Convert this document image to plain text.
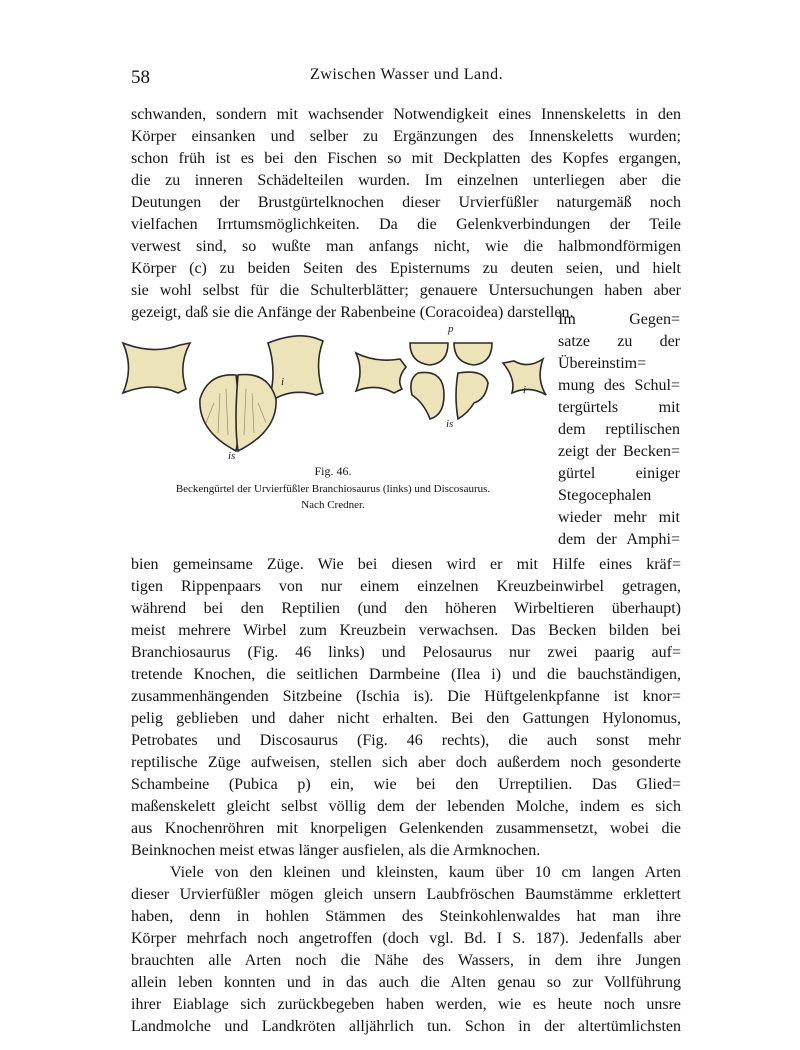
58	Zwischen Wasser und Land.
schwanden, sondern mit wachsender Notwendigkeit eines Innenskeletts in den
Körper einsanken und selber zu Ergänzungen des Innenskeletts wurden;
schon früh ist es bei den Fischen so mit Deckplatten des Kopfes ergangen,
die zu inneren Schädelteilen wurden. Im einzelnen unterliegen aber die
Deutungen der Brustgürtelknochen dieser Urvierfüßler naturgemäß noch
vielfachen Irrtumsmöglichkeiten. Da die Gelenkverbindungen der Teile
verwest sind, so wußte man anfangs nicht, wie die halbmondförmigen
Körper (c) zu beiden Seiten des Episternums zu deuten seien, und hielt
sie wohl selbst für die Schulterblätter; genauere Untersuchungen haben aber
gezeigt, daß sie die Anfänge der Rabenbeine (Coracoidea) darstellen.
i
is
p
i
is
Fig. 46.
Beckengürtel der Urvierfüßler Branchiosaurus (links) und Discosaurus.
Nach Credner.
Im Gegen=
satze zu der
Übereinstim=
mung des Schul=
tergürtels mit
dem reptilischen
zeigt der Becken=
gürtel einiger
Stegocephalen
wieder mehr mit
dem der Amphi=
bien gemeinsame Züge. Wie bei diesen wird er mit Hilfe eines kräf=
tigen Rippenpaars von nur einem einzelnen Kreuzbeinwirbel getragen,
während bei den Reptilien (und den höheren Wirbeltieren überhaupt)
meist mehrere Wirbel zum Kreuzbein verwachsen. Das Becken bilden bei
Branchiosaurus (Fig. 46 links) und Pelosaurus nur zwei paarig auf=
tretende Knochen, die seitlichen Darmbeine (Ilea i) und die bauchständigen,
zusammenhängenden Sitzbeine (Ischia is). Die Hüftgelenkpfanne ist knor=
pelig geblieben und daher nicht erhalten. Bei den Gattungen Hylonomus,
Petrobates und Discosaurus (Fig. 46 rechts), die auch sonst mehr
reptilische Züge aufweisen, stellen sich aber doch außerdem noch gesonderte
Schambeine (Pubica p) ein, wie bei den Urreptilien. Das Glied=
maßenskelett gleicht selbst völlig dem der lebenden Molche, indem es sich
aus Knochenröhren mit knorpeligen Gelenkenden zusammensetzt, wobei die
Beinknochen meist etwas länger ausfielen, als die Armknochen.
Viele von den kleinen und kleinsten, kaum über 10 cm langen Arten
dieser Urvierfüßler mögen gleich unsern Laubfröschen Baumstämme erklettert
haben, denn in hohlen Stämmen des Steinkohlenwaldes hat man ihre
Körper mehrfach noch angetroffen (doch vgl. Bd. I S. 187). Jedenfalls aber
brauchten alle Arten noch die Nähe des Wassers, in dem ihre Jungen
allein leben konnten und in das auch die Alten genau so zur Vollführung
ihrer Eiablage sich zurückbegeben haben werden, wie es heute noch unsre
Landmolche und Landkröten alljährlich tun. Schon in der altertümlichsten
